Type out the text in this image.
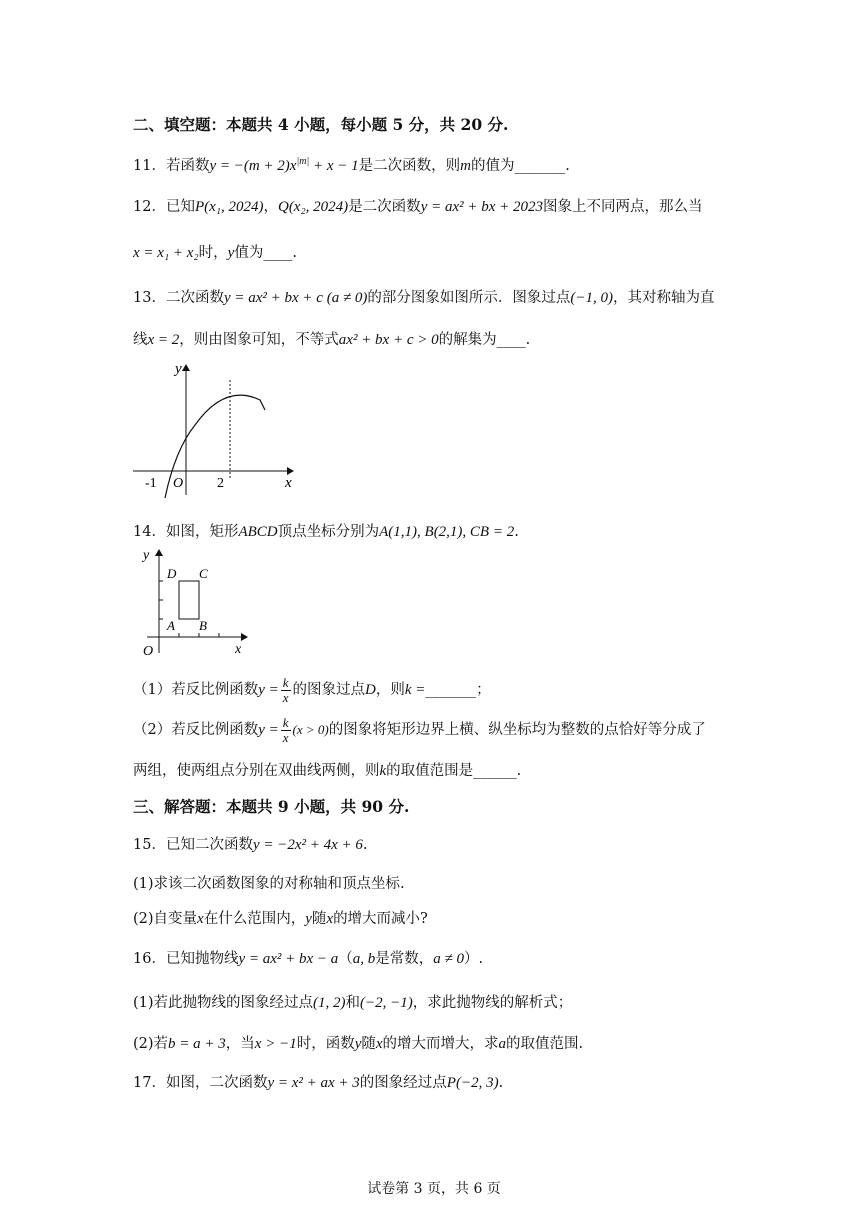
二、填空题：本题共 4 小题，每小题 5 分，共 20 分.
11．若函数$y = -(m + 2)x^{|m|} + x - 1$是二次函数，则m的值为_______.
12．已知P(x₁, 2024)，Q(x₂, 2024)是二次函数y = ax² + bx + 2023图象上不同两点，那么当
x = x₁ + x₂时，y值为____.
13．二次函数y = ax² + bx + c (a ≠ 0)的部分图象如图所示．图象过点(−1, 0)，其对称轴为直
线x = 2，则由图象可知，不等式ax² + bx + c > 0的解集为____.
y
x
O
-1	2
14．如图，矩形ABCD顶点坐标分别为A(1,1), B(2,1), CB = 2.
y
x
O
A B
C
D
（1）若反比例函数$y = \frac{k}{x}$ 的图象过点D，则k =_______；
（2）若反比例函数$y = \frac{k}{x} (x > 0)$的图象将矩形边界上横、纵坐标均为整数的点恰好等分成了
两组，使两组点分别在双曲线两侧，则k的取值范围是______.
三、解答题：本题共 9 小题，共 90 分.
15．已知二次函数y = −2x² + 4x + 6.
(1)求该二次函数图象的对称轴和顶点坐标.
(2)自变量x在什么范围内，y随x的增大而减小?
16．已知抛物线y = ax² + bx − a（a, b是常数，a ≠ 0）.
(1)若此抛物线的图象经过点(1, 2)和(−2, −1)，求此抛物线的解析式；
(2)若b = a + 3，当x > −1时，函数y随x的增大而增大，求a的取值范围.
17．如图，二次函数y = x² + ax + 3的图象经过点P(−2, 3).
试卷第 3 页，共 6 页
